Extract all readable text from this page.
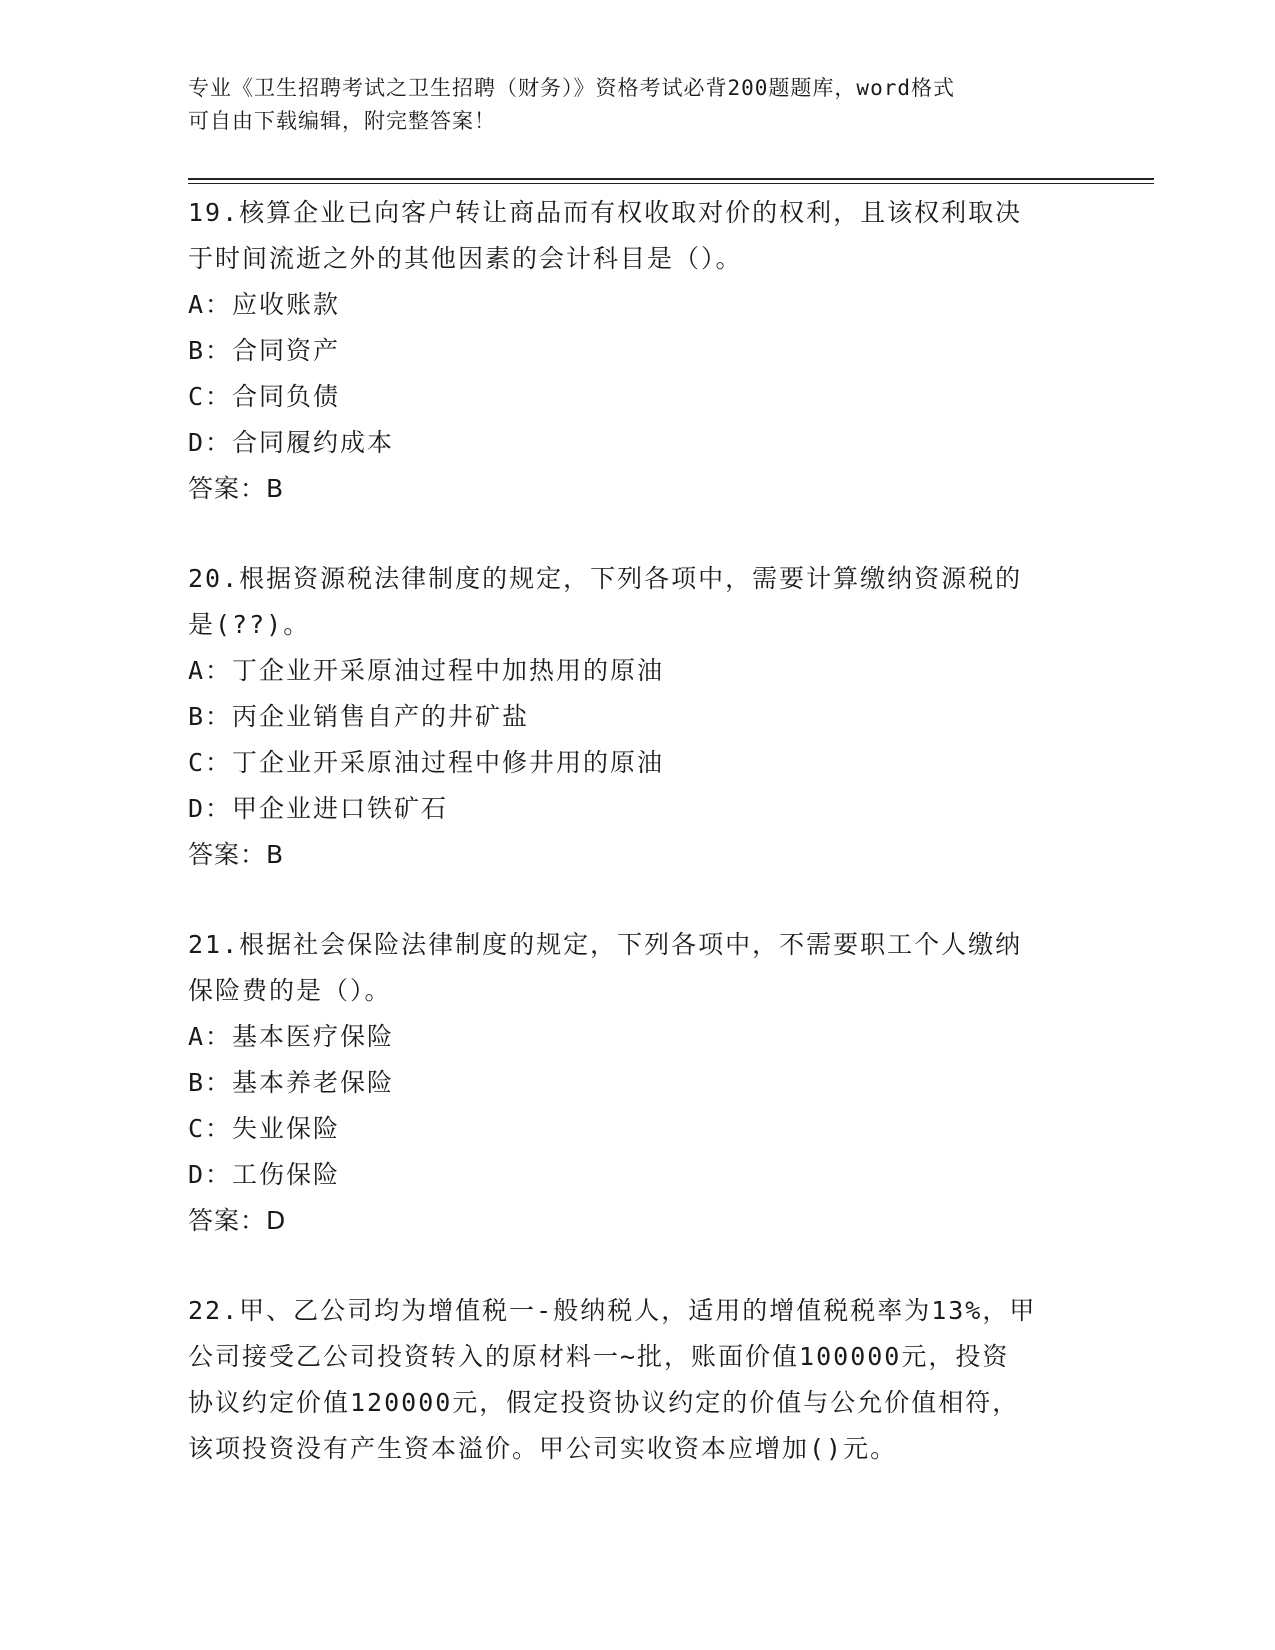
专业《卫生招聘考试之卫生招聘（财务）》资格考试必背200题题库，word格式
可自由下载编辑，附完整答案！
19.核算企业已向客户转让商品而有权收取对价的权利，且该权利取决
于时间流逝之外的其他因素的会计科目是（）。
A：应收账款
B：合同资产
C：合同负债
D：合同履约成本
答案：B
20.根据资源税法律制度的规定，下列各项中，需要计算缴纳资源税的
是(??)。
A：丁企业开采原油过程中加热用的原油
B：丙企业销售自产的井矿盐
C：丁企业开采原油过程中修井用的原油
D：甲企业进口铁矿石
答案：B
21.根据社会保险法律制度的规定，下列各项中，不需要职工个人缴纳
保险费的是（）。
A：基本医疗保险
B：基本养老保险
C：失业保险
D：工伤保险
答案：D
22.甲、乙公司均为增值税一-般纳税人，适用的增值税税率为13%，甲
公司接受乙公司投资转入的原材料一~批，账面价值100000元，投资
协议约定价值120000元，假定投资协议约定的价值与公允价值相符，
该项投资没有产生资本溢价。甲公司实收资本应增加()元。
